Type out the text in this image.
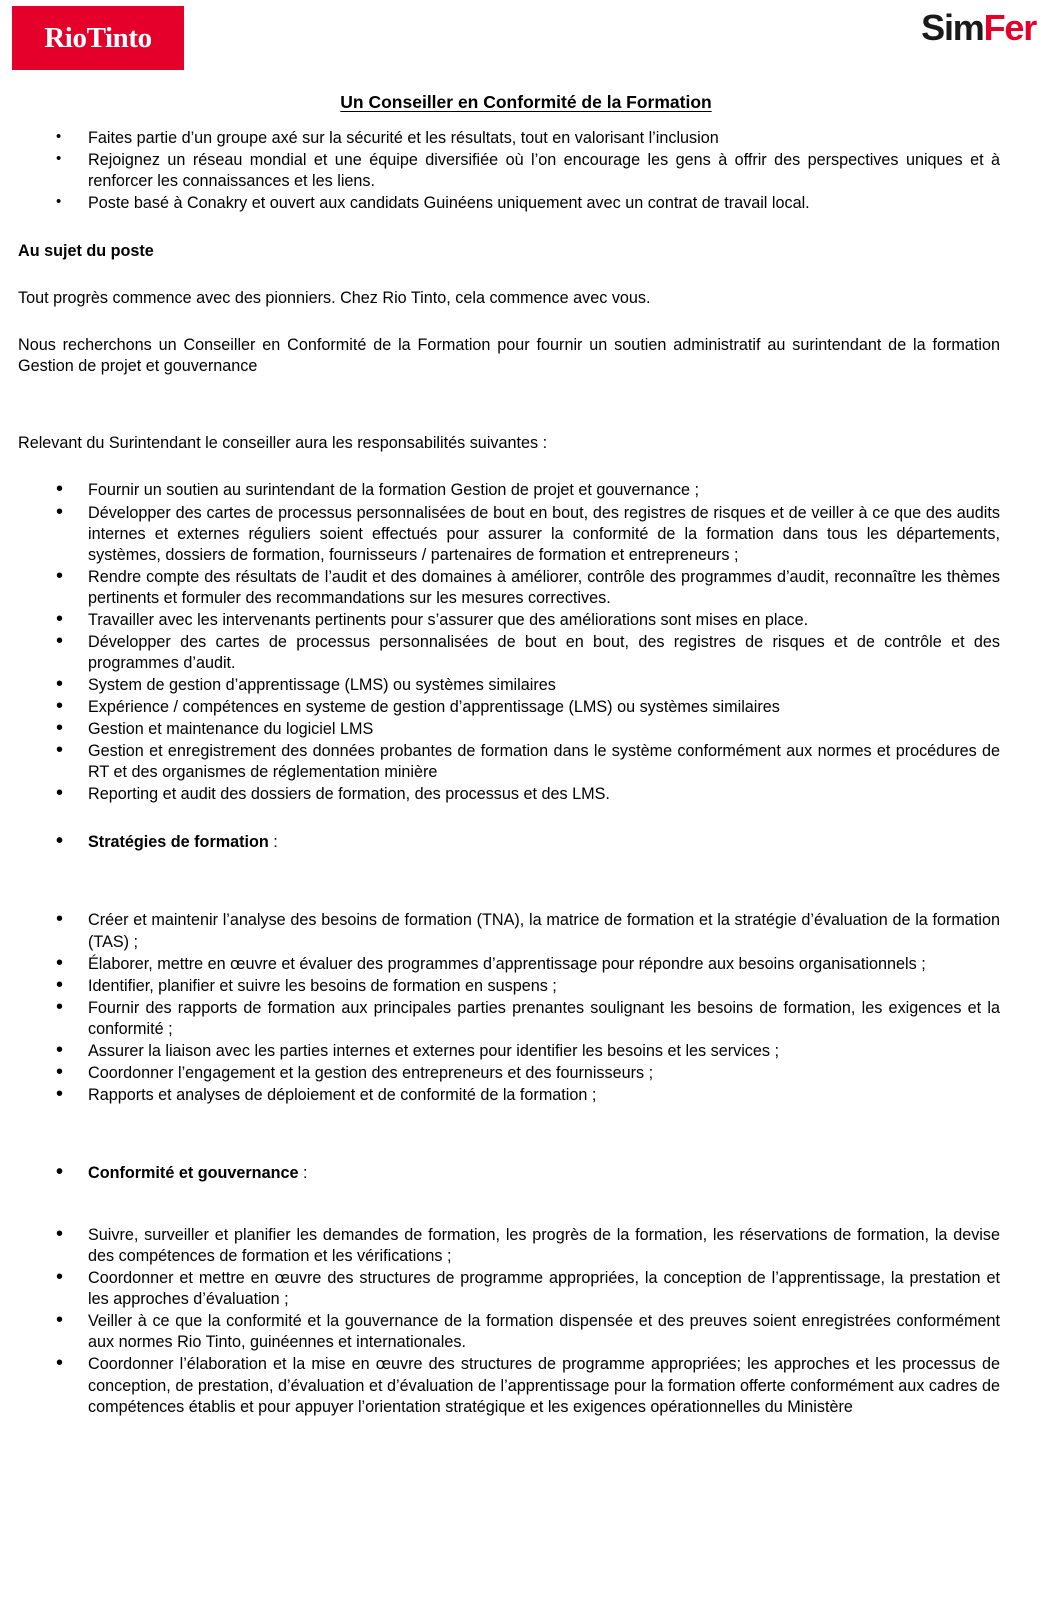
RioTinto	SimFer
Un Conseiller en Conformité de la Formation
• Faites partie d’un groupe axé sur la sécurité et les résultats, tout en valorisant l’inclusion
• Rejoignez un réseau mondial et une équipe diversifiée où l’on encourage les gens à offrir des perspectives uniques et à renforcer les connaissances et les liens.
• Poste basé à Conakry et ouvert aux candidats Guinéens uniquement avec un contrat de travail local.

Au sujet du poste

Tout progrès commence avec des pionniers. Chez Rio Tinto, cela commence avec vous.

Nous recherchons un Conseiller en Conformité de la Formation pour fournir un soutien administratif au surintendant de la formation Gestion de projet et gouvernance

Relevant du Surintendant le conseiller aura les responsabilités suivantes :

• Fournir un soutien au surintendant de la formation Gestion de projet et gouvernance ;
• Développer des cartes de processus personnalisées de bout en bout, des registres de risques et de veiller à ce que des audits internes et externes réguliers soient effectués pour assurer la conformité de la formation dans tous les départements, systèmes, dossiers de formation, fournisseurs / partenaires de formation et entrepreneurs ;
• Rendre compte des résultats de l’audit et des domaines à améliorer, contrôle des programmes d’audit, reconnaître les thèmes pertinents et formuler des recommandations sur les mesures correctives.
• Travailler avec les intervenants pertinents pour s’assurer que des améliorations sont mises en place.
• Développer des cartes de processus personnalisées de bout en bout, des registres de risques et de contrôle et des programmes d’audit.
• System de gestion d’apprentissage (LMS) ou systèmes similaires
• Expérience / compétences en systeme de gestion d’apprentissage (LMS) ou systèmes similaires
• Gestion et maintenance du logiciel LMS
• Gestion et enregistrement des données probantes de formation dans le système conformément aux normes et procédures de RT et des organismes de réglementation minière
• Reporting et audit des dossiers de formation, des processus et des LMS.
• Stratégies de formation :
• Créer et maintenir l’analyse des besoins de formation (TNA), la matrice de formation et la stratégie d’évaluation de la formation (TAS) ;
• Élaborer, mettre en œuvre et évaluer des programmes d’apprentissage pour répondre aux besoins organisationnels ;
• Identifier, planifier et suivre les besoins de formation en suspens ;
• Fournir des rapports de formation aux principales parties prenantes soulignant les besoins de formation, les exigences et la conformité ;
• Assurer la liaison avec les parties internes et externes pour identifier les besoins et les services ;
• Coordonner l’engagement et la gestion des entrepreneurs et des fournisseurs ;
• Rapports et analyses de déploiement et de conformité de la formation ;
• Conformité et gouvernance :
• Suivre, surveiller et planifier les demandes de formation, les progrès de la formation, les réservations de formation, la devise des compétences de formation et les vérifications ;
• Coordonner et mettre en œuvre des structures de programme appropriées, la conception de l’apprentissage, la prestation et les approches d’évaluation ;
• Veiller à ce que la conformité et la gouvernance de la formation dispensée et des preuves soient enregistrées conformément aux normes Rio Tinto, guinéennes et internationales.
• Coordonner l’élaboration et la mise en œuvre des structures de programme appropriées; les approches et les processus de conception, de prestation, d’évaluation et d’évaluation de l’apprentissage pour la formation offerte conformément aux cadres de compétences établis et pour appuyer l’orientation stratégique et les exigences opérationnelles du Ministère
